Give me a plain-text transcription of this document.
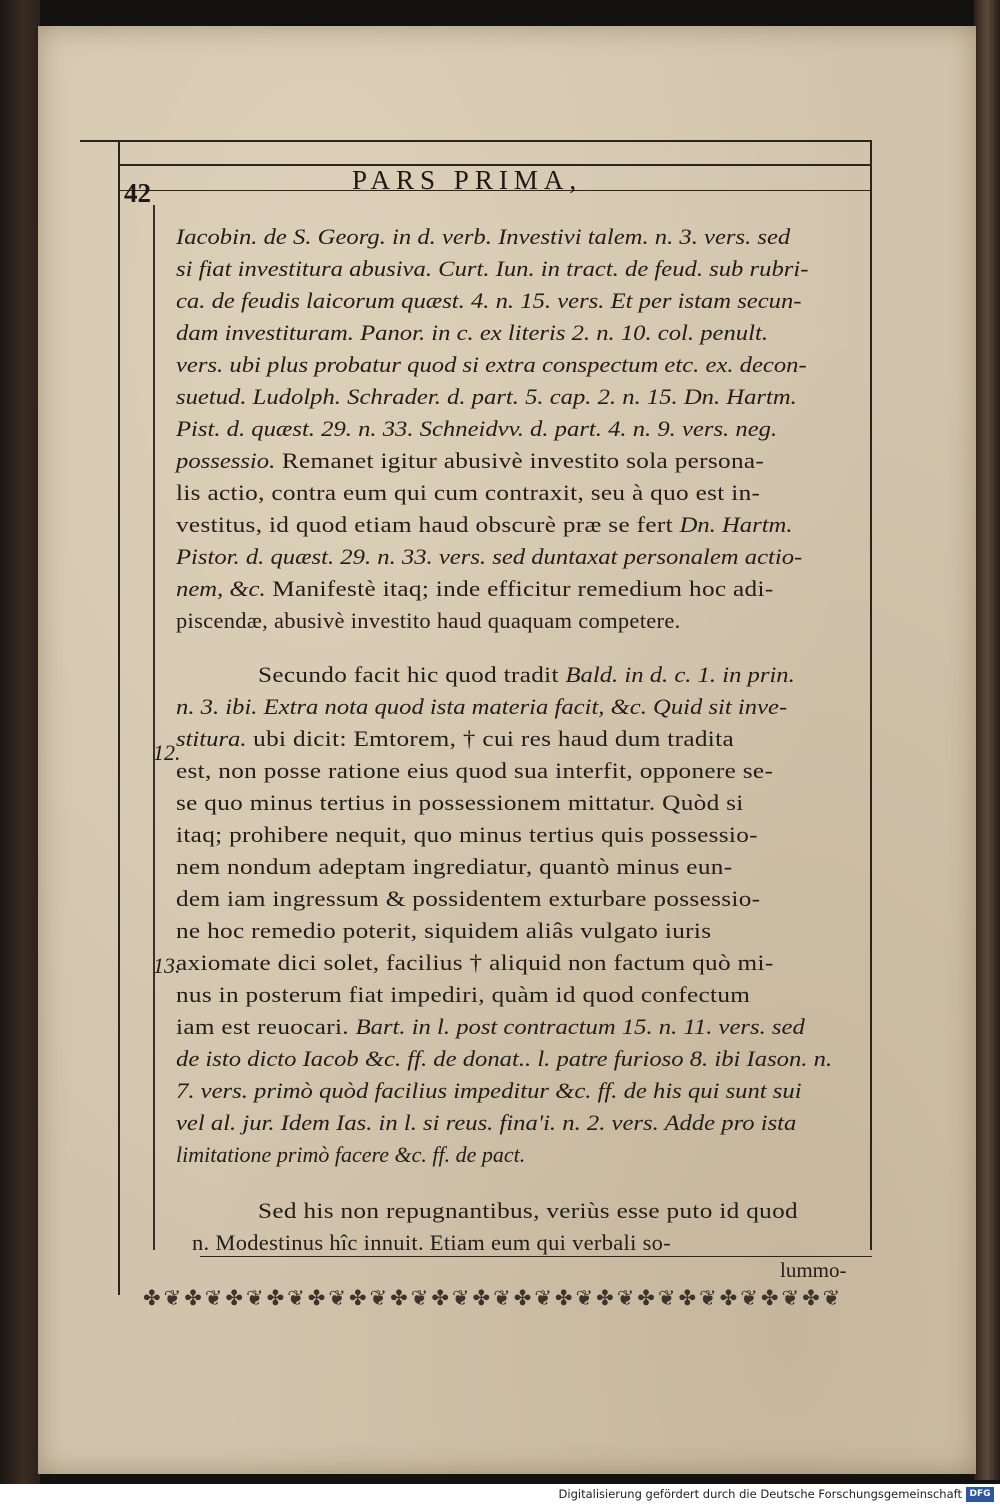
42	PARS PRIMA,
Iacobin. de S. Georg. in d. verb. Investivi talem. n. 3. vers. sed
si fiat investitura abusiva. Curt. Iun. in tract. de feud. sub rubri-
ca. de feudis laicorum quæst. 4. n. 15. vers. Et per istam secun-
dam investituram. Panor. in c. ex literis 2. n. 10. col. penult.
vers. ubi plus probatur quod si extra conspectum etc. ex. decon-
suetud. Ludolph. Schrader. d. part. 5. cap. 2. n. 15. Dn. Hartm.
Pist. d. quæst. 29. n. 33. Schneidvv. d. part. 4. n. 9. vers. neg.
possessio. Remanet igitur abusivè investito sola persona-
lis actio, contra eum qui cum contraxit, seu à quo est in-
vestitus, id quod etiam haud obscurè præ se fert Dn. Hartm.
Pistor. d. quæst. 29. n. 33. vers. sed duntaxat personalem actio-
nem, &c. Manifestè itaq; inde efficitur remedium hoc adi-
piscendæ, abusivè investito haud quaquam competere.
Secundo facit hic quod tradit Bald. in d. c. 1. in prin.
n. 3. ibi. Extra nota quod ista materia facit, &c. Quid sit inve-
stitura. ubi dicit: Emtorem, † cui res haud dum tradita
est, non posse ratione eius quod sua interfit, opponere se-
se quo minus tertius in possessionem mittatur. Quòd si
itaq; prohibere nequit, quo minus tertius quis possessio-
nem nondum adeptam ingrediatur, quantò minus eun-
dem iam ingressum & possidentem exturbare possessio-
ne hoc remedio poterit, siquidem aliâs vulgato iuris
axiomate dici solet, facilius † aliquid non factum quò mi-
nus in posterum fiat impediri, quàm id quod confectum
iam est reuocari. Bart. in l. post contractum 15. n. 11. vers. sed
de isto dicto Iacob &c. ff. de donat.. l. patre furioso 8. ibi Iason. n.
7. vers. primò quòd facilius impeditur &c. ff. de his qui sunt sui
vel al. jur. Idem Ias. in l. si reus. fina'i. n. 2. vers. Adde pro ista
limitatione primò facere &c. ff. de pact.
Sed his non repugnantibus, veriùs esse puto id quod
n. Modestinus hîc innuit. Etiam eum qui verbali so-
12.
13.
lummo-
✤❦✤❦✤❦✤❦✤❦✤❦✤❦✤❦✤❦✤❦✤❦✤❦✤❦✤❦✤❦✤❦✤❦
Digitalisierung gefördert durch die Deutsche Forschungsgemeinschaft DFG
